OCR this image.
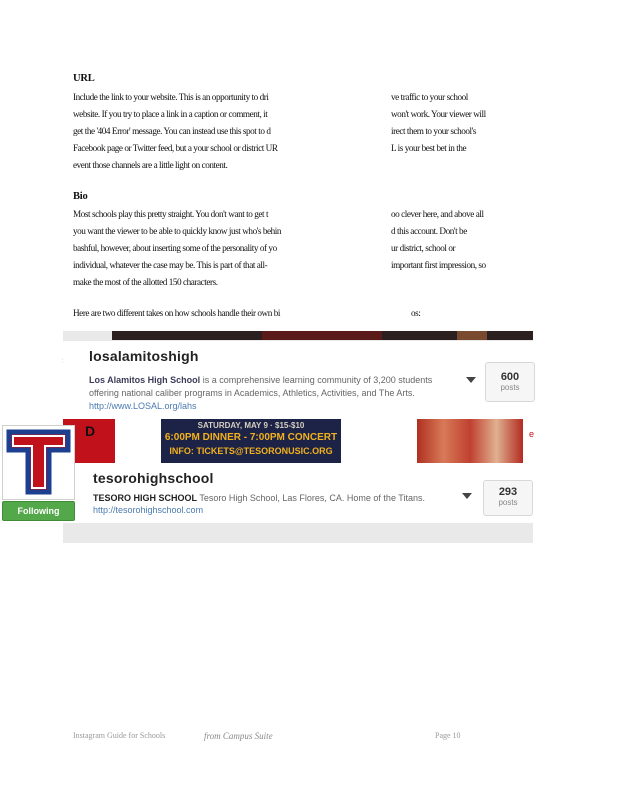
URL
Include the link to your website. This is an opportunity to dri	ve traffic to your school
website. If you try to place a link in a caption or comment, it	won't work. Your viewer will
get the '404 Error' message. You can instead use this spot to d	irect them to your school's
Facebook page or Twitter feed, but a your school or district UR	L is your best bet in the
event those channels are a little light on content.
Bio
Most schools play this pretty straight. You don't want to get t	oo clever here, and above all
you want the viewer to be able to quickly know just who's behin	d this account. Don't be
bashful, however, about inserting some of the personality of yo	ur district, school or
individual, whatever the case may be. This is part of that all-	important first impression, so
make the most of the allotted 150 characters.
Here are two different takes on how schools handle their own bi	os:
losalamitoshigh
Los Alamitos High School is a comprehensive learning community of 3,200 students
offering national caliber programs in Academics, Athletics, Activities, and The Arts.
http://www.LOSAL.org/lahs
600
posts
D	SATURDAY, MAY 9 · $15-$10
6:00PM DINNER - 7:00PM CONCERT
INFO: TICKETS@TESORONUSIC.ORG
e
tesorohighschool
TESORO HIGH SCHOOL Tesoro High School, Las Flores, CA. Home of the Titans.
http://tesorohighschool.com
293
posts
Following
Instagram Guide for Schools	from Campus Suite	Page 10
